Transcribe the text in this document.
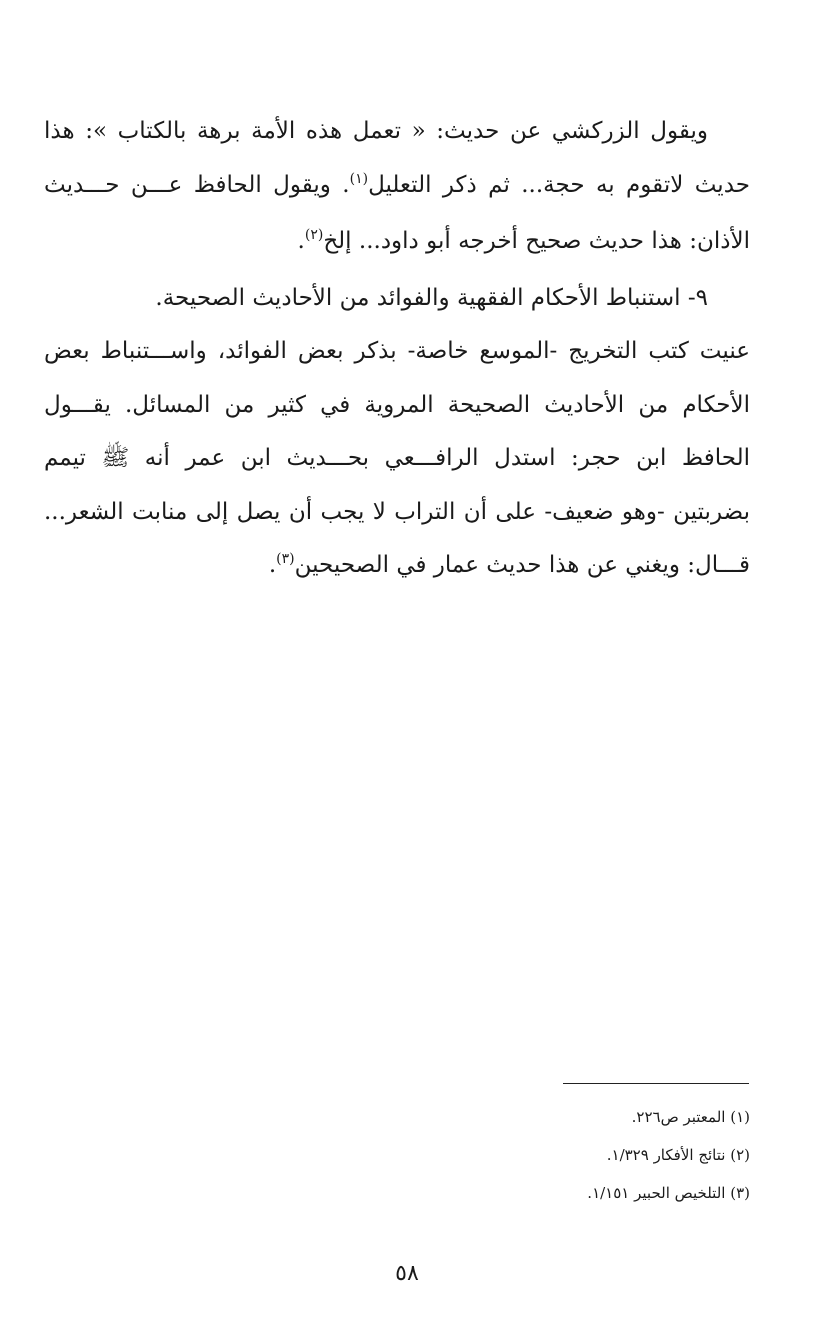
ويقول الزركشي عن حديث: « تعمل هذه الأمة برهة بالكتاب »: هذا حديث لاتقوم به حجة... ثم ذكر التعليل$^{(١)}$. ويقول الحافظ عـــن حـــديث الأذان: هذا حديث صحيح أخرجه أبو داود... إلخ$^{(٢)}$.

٩- استنباط الأحكام الفقهية والفوائد من الأحاديث الصحيحة.

عنيت كتب التخريج -الموسع خاصة- بذكر بعض الفوائد، واســـتنباط بعض الأحكام من الأحاديث الصحيحة المروية في كثير من المسائل. يقـــول الحافظ ابن حجر: استدل الرافـــعي بحـــديث ابن عمر أنه ﷺ تيمم بضربتين -وهو ضعيف- على أن التراب لا يجب أن يصل إلى منابت الشعر... قـــال: ويغني عن هذا حديث عمار في الصحيحين$^{(٣)}$.

(١) المعتبر ص٢٢٦.

(٢) نتائج الأفكار ١/٣٢٩.

(٣) التلخيص الحبير ١/١٥١.

٥٨
